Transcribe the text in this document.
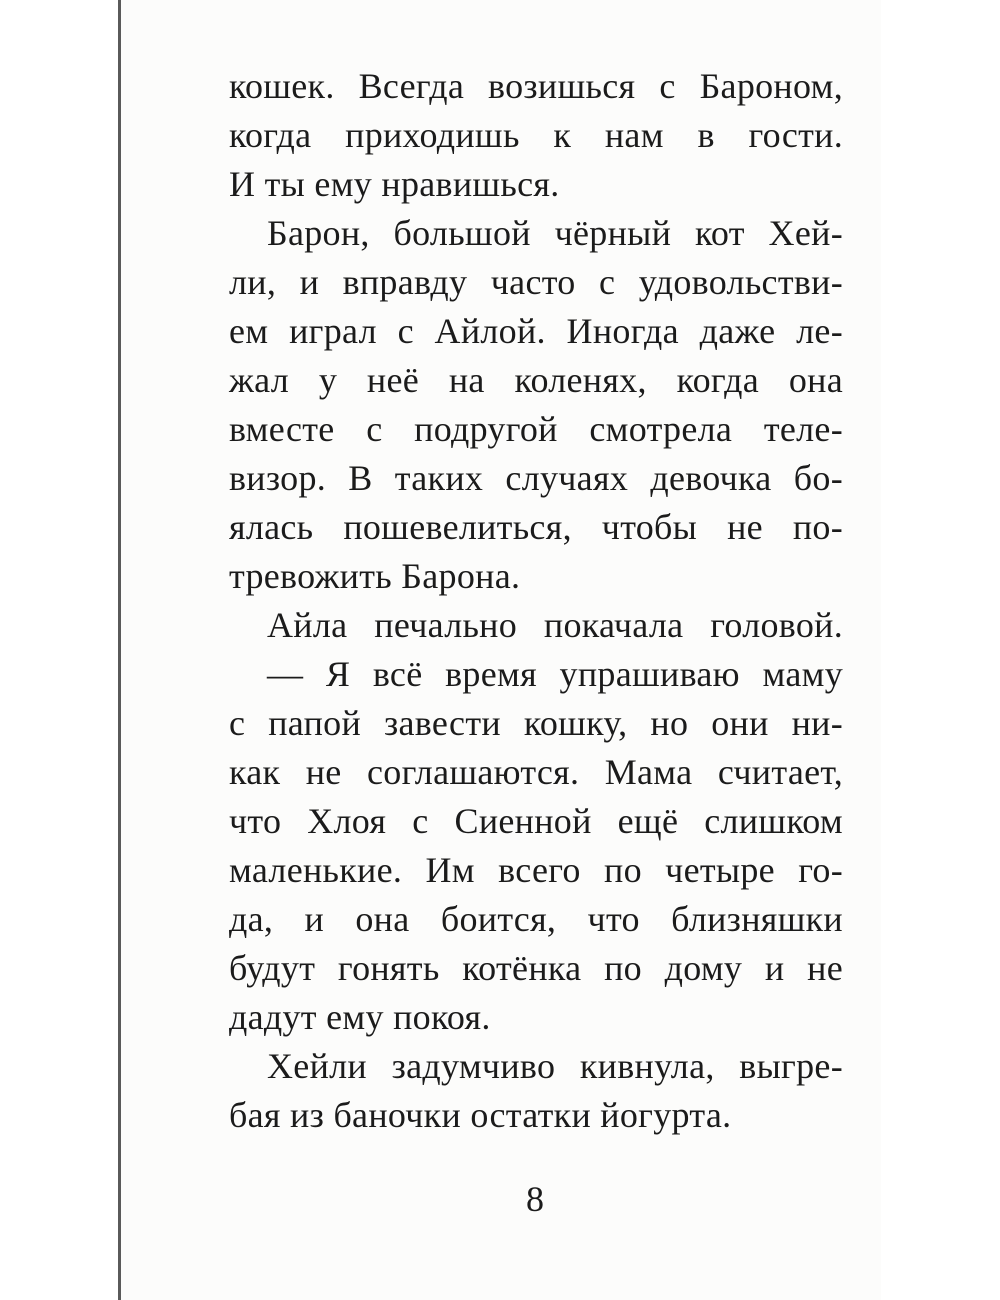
кошек. Всегда возишься с Бароном,
когда приходишь к нам в гости.
И ты ему нравишься.
Барон, большой чёрный кот Хей-
ли, и вправду часто с удовольстви-
ем играл с Айлой. Иногда даже ле-
жал у неё на коленях, когда она
вместе с подругой смотрела теле-
визор. В таких случаях девочка бо-
ялась пошевелиться, чтобы не по-
тревожить Барона.
Айла печально покачала головой.
— Я всё время упрашиваю маму
с папой завести кошку, но они ни-
как не соглашаются. Мама считает,
что Хлоя с Сиенной ещё слишком
маленькие. Им всего по четыре го-
да, и она боится, что близняшки
будут гонять котёнка по дому и не
дадут ему покоя.
Хейли задумчиво кивнула, выгре-
бая из баночки остатки йогурта.
8
